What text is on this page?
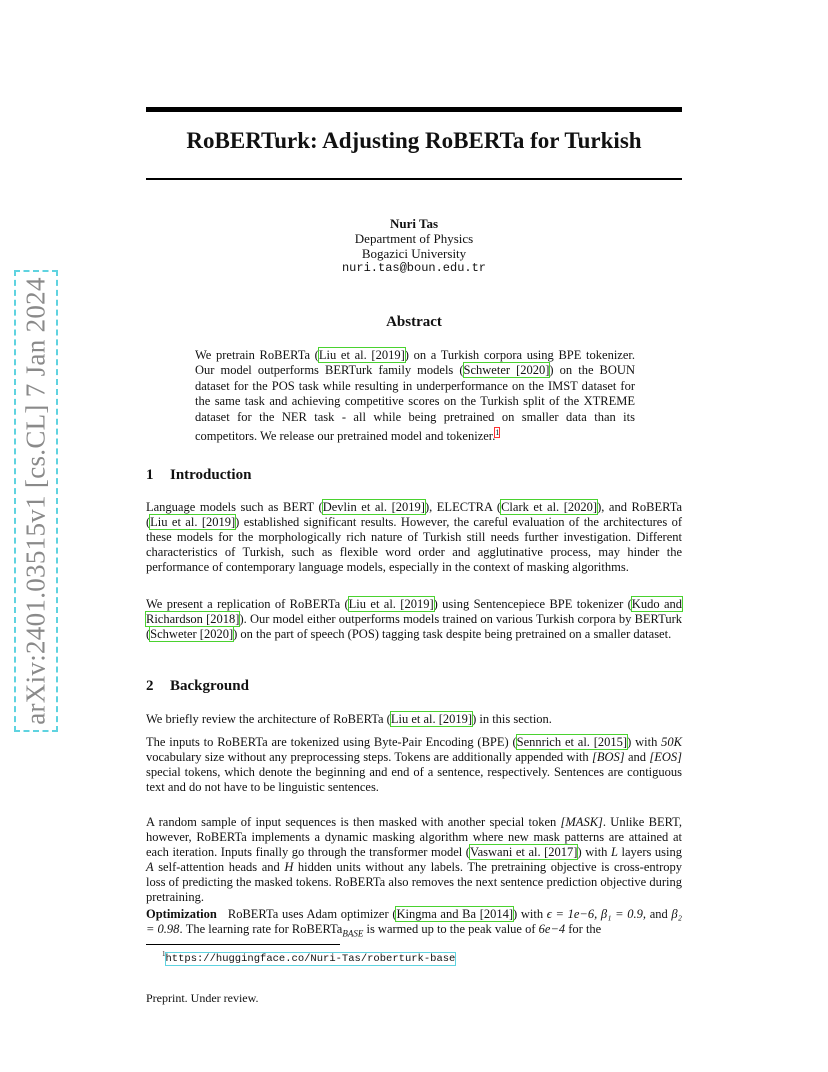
arXiv:2401.03515v1 [cs.CL] 7 Jan 2024
RoBERTurk: Adjusting RoBERTa for Turkish
Nuri Tas
Department of Physics
Bogazici University
nuri.tas@boun.edu.tr
Abstract

We pretrain RoBERTa (Liu et al. [2019]) on a Turkish corpora using BPE tokenizer. Our model outperforms BERTurk family models (Schweter [2020]) on the BOUN dataset for the POS task while resulting in underperformance on the IMST dataset for the same task and achieving competitive scores on the Turkish split of the XTREME dataset for the NER task - all while being pretrained on smaller data than its competitors. We release our pretrained model and tokenizer.$^1$

1 Introduction

Language models such as BERT (Devlin et al. [2019]), ELECTRA (Clark et al. [2020]), and RoBERTa (Liu et al. [2019]) established significant results. However, the careful evaluation of the architectures of these models for the morphologically rich nature of Turkish still needs further investigation. Different characteristics of Turkish, such as flexible word order and agglutinative process, may hinder the performance of contemporary language models, especially in the context of masking algorithms.

We present a replication of RoBERTa (Liu et al. [2019]) using Sentencepiece BPE tokenizer (Kudo and Richardson [2018]). Our model either outperforms models trained on various Turkish corpora by BERTurk (Schweter [2020]) on the part of speech (POS) tagging task despite being pretrained on a smaller dataset.

2 Background

We briefly review the architecture of RoBERTa (Liu et al. [2019]) in this section.

The inputs to RoBERTa are tokenized using Byte-Pair Encoding (BPE) (Sennrich et al. [2015]) with 50K vocabulary size without any preprocessing steps. Tokens are additionally appended with [BOS] and [EOS] special tokens, which denote the beginning and end of a sentence, respectively. Sentences are contiguous text and do not have to be linguistic sentences.

A random sample of input sequences is then masked with another special token [MASK]. Unlike BERT, however, RoBERTa implements a dynamic masking algorithm where new mask patterns are attained at each iteration. Inputs finally go through the transformer model (Vaswani et al. [2017]) with L layers using A self-attention heads and H hidden units without any labels. The pretraining objective is cross-entropy loss of predicting the masked tokens. RoBERTa also removes the next sentence prediction objective during pretraining.

Optimization   RoBERTa uses Adam optimizer (Kingma and Ba [2014]) with ϵ = 1e−6, β₁ = 0.9, and β₂ = 0.98. The learning rate for RoBERTa$_{BASE}$ is warmed up to the peak value of 6e−4 for the

$^1$https://huggingface.co/Nuri-Tas/roberturk-base
Preprint. Under review.
